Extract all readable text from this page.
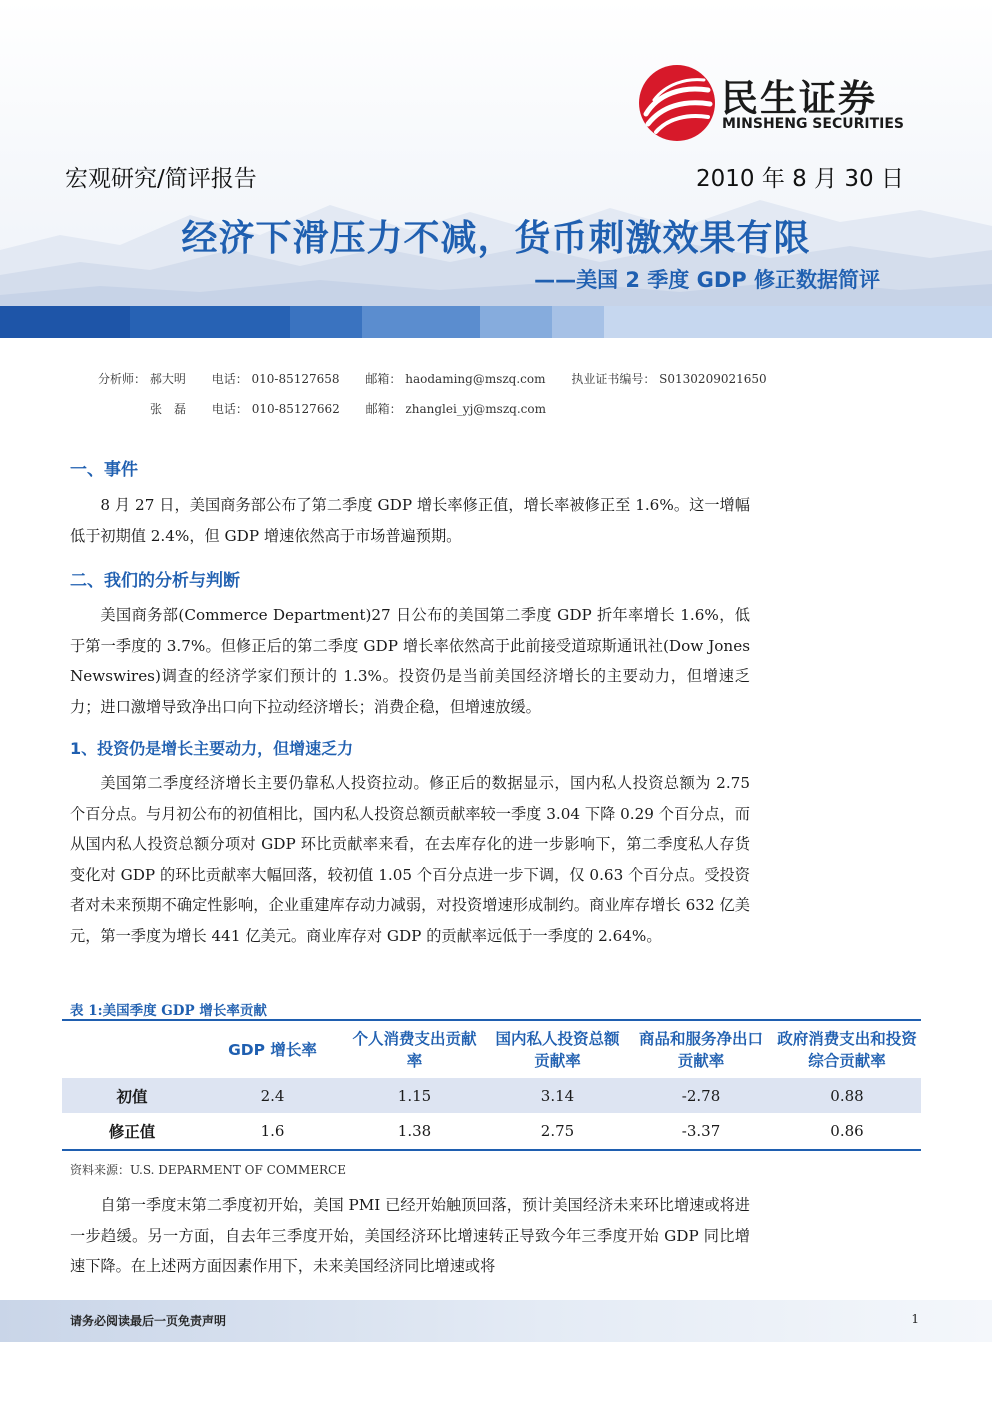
民生证券
MINSHENG SECURITIES
宏观研究/简评报告	2010 年 8 月 30 日
经济下滑压力不减，货币刺激效果有限
——美国 2 季度 GDP 修正数据简评
分析师： 郝大明 电话： 010-85127658 邮箱： haodaming@mszq.com 执业证书编号： S0130209021650
张　磊 电话： 010-85127662 邮箱： zhanglei_yj@mszq.com
一、事件

8 月 27 日，美国商务部公布了第二季度 GDP 增长率修正值，增长率被修正至 1.6%。这一增幅低于初期值 2.4%，但 GDP 增速依然高于市场普遍预期。

二、我们的分析与判断

美国商务部(Commerce Department)27 日公布的美国第二季度 GDP 折年率增长 1.6%，低于第一季度的 3.7%。但修正后的第二季度 GDP 增长率依然高于此前接受道琼斯通讯社(Dow Jones Newswires)调查的经济学家们预计的 1.3%。投资仍是当前美国经济增长的主要动力，但增速乏力；进口激增导致净出口向下拉动经济增长；消费企稳，但增速放缓。

1、投资仍是增长主要动力，但增速乏力

美国第二季度经济增长主要仍靠私人投资拉动。修正后的数据显示，国内私人投资总额为 2.75 个百分点。与月初公布的初值相比，国内私人投资总额贡献率较一季度 3.04 下降 0.29 个百分点，而从国内私人投资总额分项对 GDP 环比贡献率来看，在去库存化的进一步影响下，第二季度私人存货变化对 GDP 的环比贡献率大幅回落，较初值 1.05 个百分点进一步下调，仅 0.63 个百分点。受投资者对未来预期不确定性影响，企业重建库存动力减弱，对投资增速形成制约。商业库存增长 632 亿美元，第一季度为增长 441 亿美元。商业库存对 GDP 的贡献率远低于一季度的 2.64%。

表 1:美国季度 GDP 增长率贡献
	GDP 增长率	个人消费支出贡献率	国内私人投资总额贡献率	商品和服务净出口贡献率	政府消费支出和投资综合贡献率
初值	2.4	1.15	3.14	-2.78	0.88
修正值	1.6	1.38	2.75	-3.37	0.86
资料来源：U.S. DEPARMENT OF COMMERCE

自第一季度末第二季度初开始，美国 PMI 已经开始触顶回落，预计美国经济未来环比增速或将进一步趋缓。另一方面，自去年三季度开始，美国经济环比增速转正导致今年三季度开始 GDP 同比增速下降。在上述两方面因素作用下，未来美国经济同比增速或将

请务必阅读最后一页免责声明	1
